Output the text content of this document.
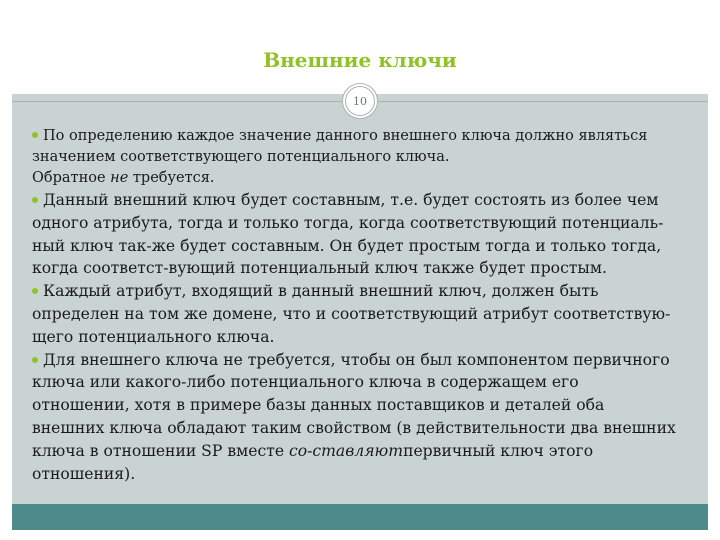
Внешние ключи
10

По определению каждое значение данного внешнего ключа должно являться
значением соответствующего потенциального ключа.
Обратное не требуется.

Данный внешний ключ будет составным, т.е. будет состоять из более чем
одного атрибута, тогда и только тогда, когда соответствующий потенциаль-
ный ключ так-же будет составным. Он будет простым тогда и только тогда,
когда соответст-вующий потенциальный ключ также будет простым.

Каждый атрибут, входящий в данный внешний ключ, должен быть
определен на том же домене, что и соответствующий атрибут соответствую-
щего потенциального ключа.

Для внешнего ключа не требуется, чтобы он был компонентом первичного
ключа или какого-либо потенциального ключа в содержащем его
отношении, хотя в примере базы данных поставщиков и деталей оба
внешних ключа обладают таким свойством (в действительности два внешних
ключа в отношении SP вместе со-ставляютпервичный ключ этого
отношения).
